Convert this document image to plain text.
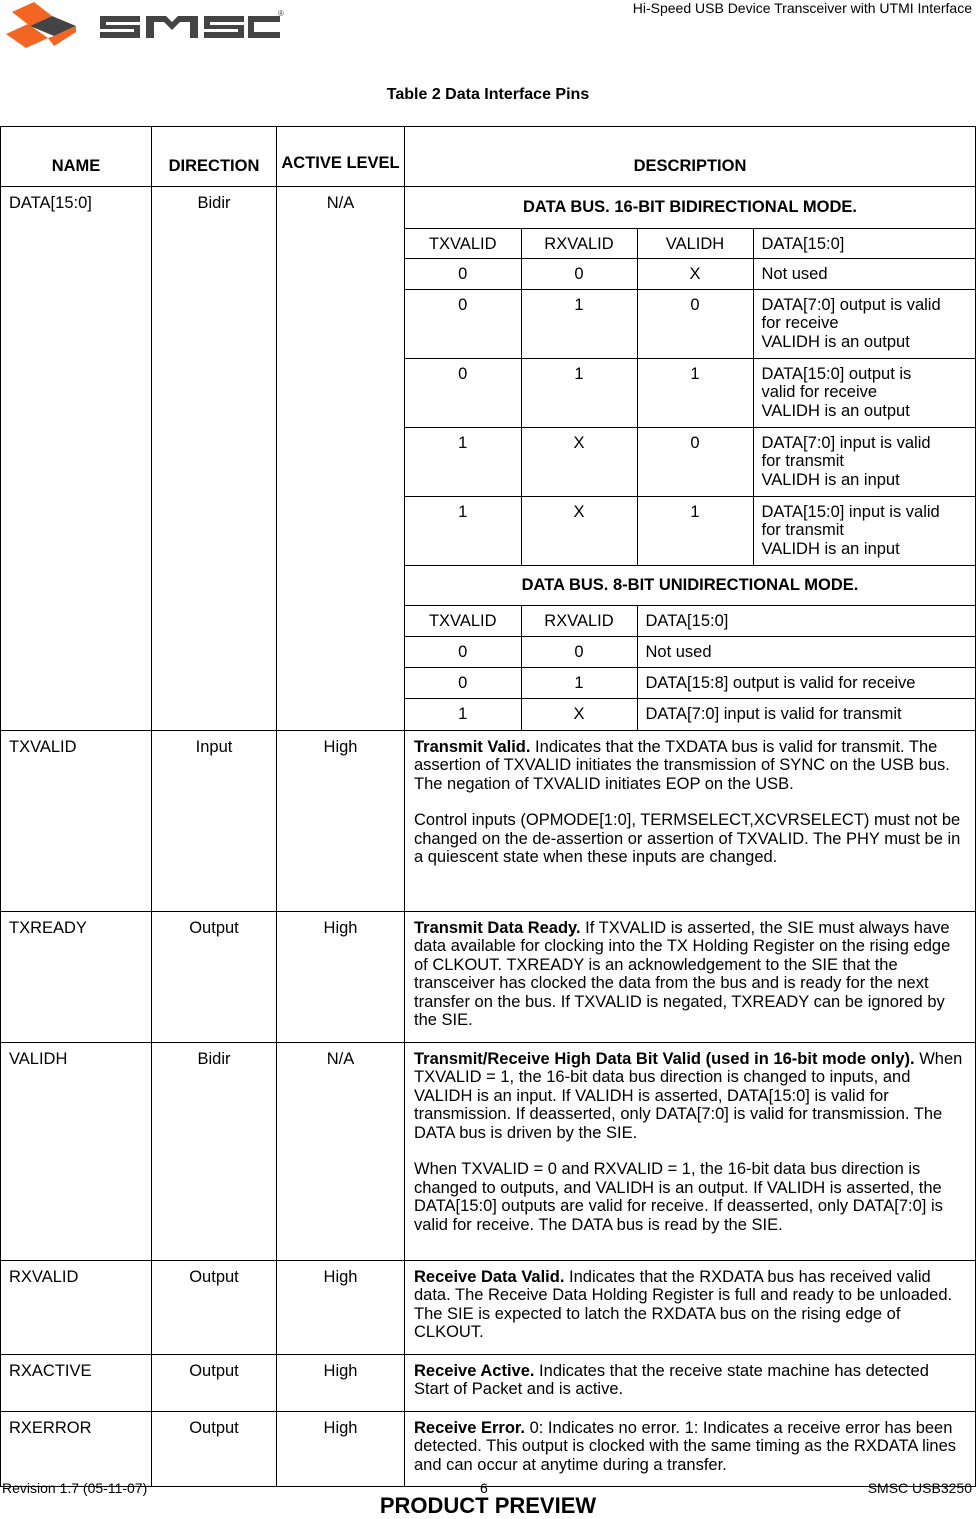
®	Hi-Speed USB Device Transceiver with UTMI Interface
Table 2 Data Interface Pins
NAME	DIRECTION	ACTIVE LEVEL	DESCRIPTION
DATA[15:0]	Bidir	N/A		DATA BUS. 16-BIT BIDIRECTIONAL MODE.
TXVALID	RXVALID	VALIDH	DATA[15:0]
0	0	X	Not used
0	1	0	DATA[7:0] output is valid
for receive
VALIDH is an output

0	1	1	DATA[15:0] output is
valid for receive
VALIDH is an output

1	X	0	DATA[7:0] input is valid
for transmit
VALIDH is an input

1	X	1	DATA[15:0] input is valid
for transmit
VALIDH is an input
DATA BUS. 8-BIT UNIDIRECTIONAL MODE.
TXVALID	RXVALID	DATA[15:0]
0	0	Not used
0	1	DATA[15:8] output is valid for receive
1	X	DATA[7:0] input is valid for transmit

TXVALID	Input	High	Transmit Valid. Indicates that the TXDATA bus is valid for transmit. The assertion of TXVALID initiates the transmission of SYNC on the USB bus. The negation of TXVALID initiates EOP on the USB.

Control inputs (OPMODE[1:0], TERMSELECT,XCVRSELECT) must not be changed on the de-assertion or assertion of TXVALID. The PHY must be in a quiescent state when these inputs are changed.

TXREADY	Output	High	Transmit Data Ready. If TXVALID is asserted, the SIE must always have data available for clocking into the TX Holding Register on the rising edge of CLKOUT. TXREADY is an acknowledgement to the SIE that the transceiver has clocked the data from the bus and is ready for the next transfer on the bus. If TXVALID is negated, TXREADY can be ignored by the SIE.

VALIDH	Bidir	N/A	Transmit/Receive High Data Bit Valid (used in 16-bit mode only). When TXVALID = 1, the 16-bit data bus direction is changed to inputs, and VALIDH is an input. If VALIDH is asserted, DATA[15:0] is valid for transmission. If deasserted, only DATA[7:0] is valid for transmission. The DATA bus is driven by the SIE.

When TXVALID = 0 and RXVALID = 1, the 16-bit data bus direction is changed to outputs, and VALIDH is an output. If VALIDH is asserted, the DATA[15:0] outputs are valid for receive. If deasserted, only DATA[7:0] is valid for receive. The DATA bus is read by the SIE.

RXVALID	Output	High	Receive Data Valid. Indicates that the RXDATA bus has received valid data. The Receive Data Holding Register is full and ready to be unloaded. The SIE is expected to latch the RXDATA bus on the rising edge of CLKOUT.

RXACTIVE	Output	High	Receive Active. Indicates that the receive state machine has detected Start of Packet and is active.

RXERROR	Output	High	Receive Error. 0: Indicates no error. 1: Indicates a receive error has been detected. This output is clocked with the same timing as the RXDATA lines and can occur at anytime during a transfer.

Revision 1.7 (05-11-07)	6	SMSC USB3250
PRODUCT PREVIEW
